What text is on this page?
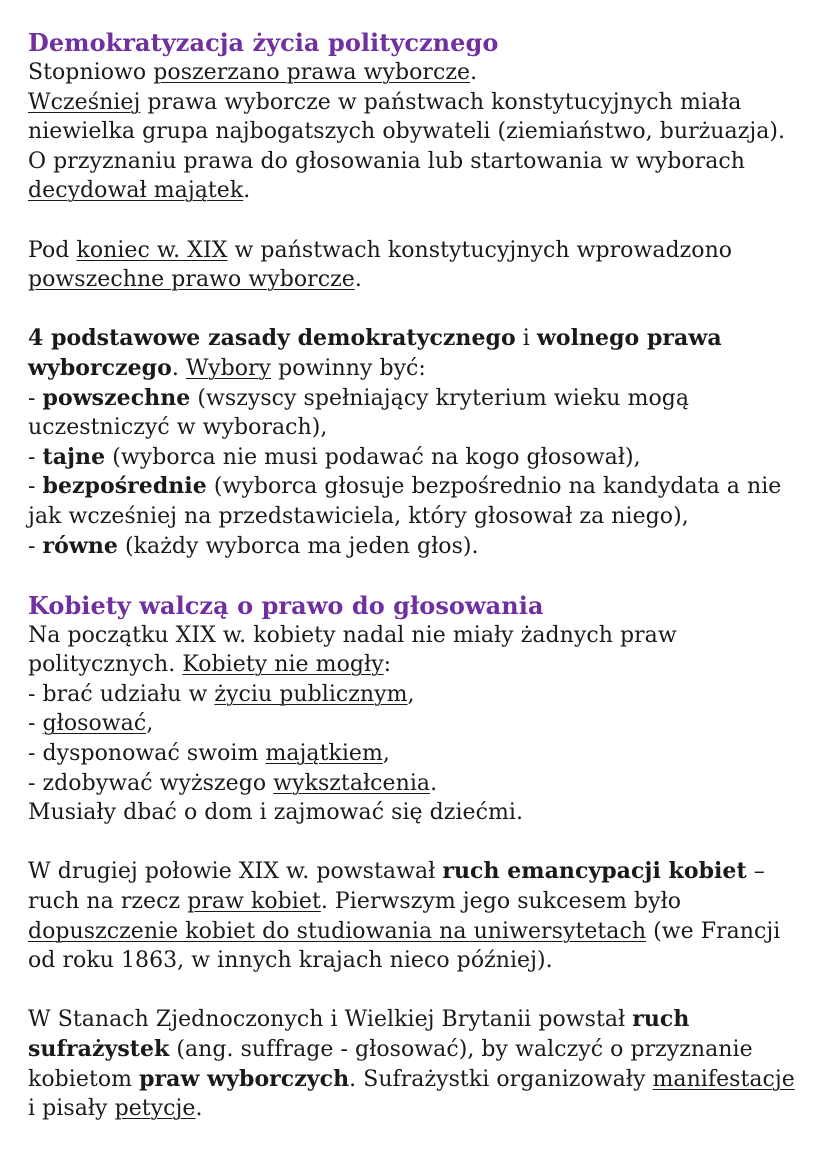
Demokratyzacja życia politycznego

Stopniowo poszerzano prawa wyborcze.
Wcześniej prawa wyborcze w państwach konstytucyjnych miała niewielka grupa najbogatszych obywateli (ziemiaństwo, burżuazja). O przyznaniu prawa do głosowania lub startowania w wyborach decydował majątek.

Pod koniec w. XIX w państwach konstytucyjnych wprowadzono powszechne prawo wyborcze.

4 podstawowe zasady demokratycznego i wolnego prawa wyborczego. Wybory powinny być:

- powszechne (wszyscy spełniający kryterium wieku mogą uczestniczyć w wyborach),

- tajne (wyborca nie musi podawać na kogo głosował),

- bezpośrednie (wyborca głosuje bezpośrednio na kandydata a nie jak wcześniej na przedstawiciela, który głosował za niego),

- równe (każdy wyborca ma jeden głos).

Kobiety walczą o prawo do głosowania

Na początku XIX w. kobiety nadal nie miały żadnych praw politycznych. Kobiety nie mogły:

- brać udziału w życiu publicznym,

- głosować,

- dysponować swoim majątkiem,

- zdobywać wyższego wykształcenia.

Musiały dbać o dom i zajmować się dziećmi.

W drugiej połowie XIX w. powstawał ruch emancypacji kobiet – ruch na rzecz praw kobiet. Pierwszym jego sukcesem było dopuszczenie kobiet do studiowania na uniwersytetach (we Francji od roku 1863, w innych krajach nieco później).

W Stanach Zjednoczonych i Wielkiej Brytanii powstał ruch sufrażystek (ang. suffrage - głosować), by walczyć o przyznanie kobietom praw wyborczych. Sufrażystki organizowały manifestacje i pisały petycje.
